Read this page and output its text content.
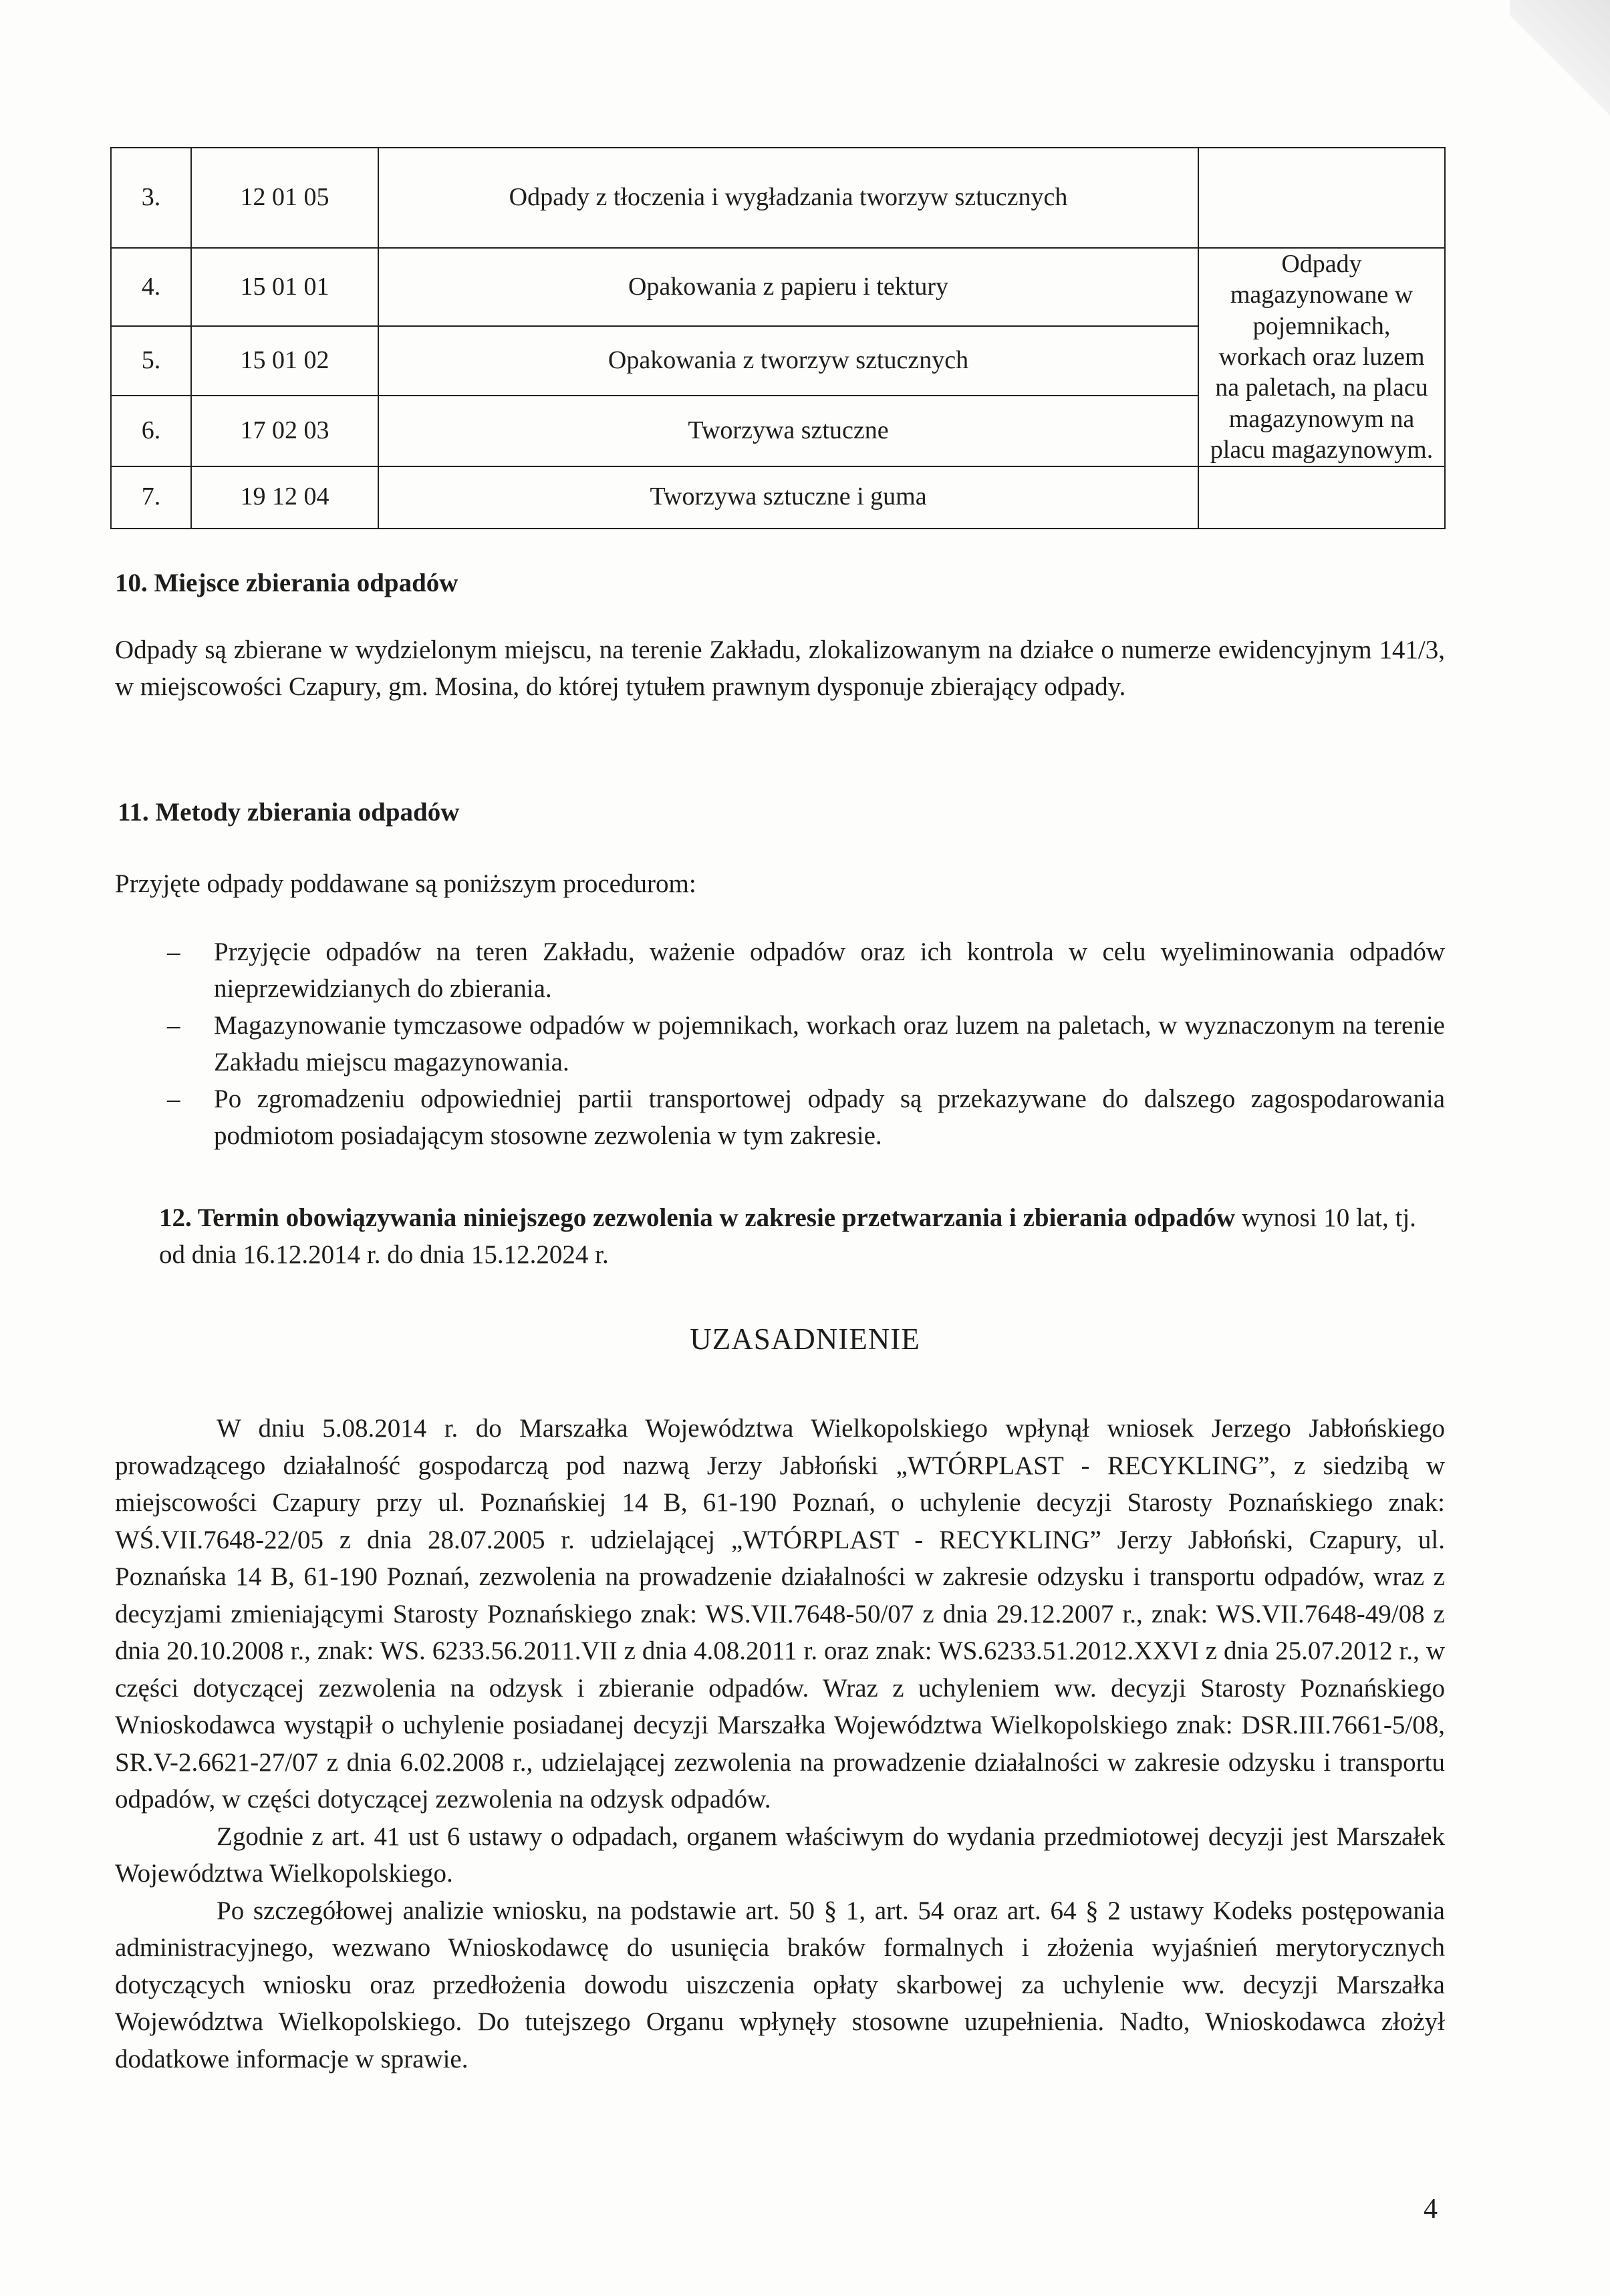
3.	12 01 05	Odpady z tłoczenia i wygładzania tworzyw sztucznych	
4.	15 01 01	Opakowania z papieru i tektury	Odpady magazynowane w pojemnikach, workach oraz luzem na paletach, na placu magazynowym na placu magazynowym.
5.	15 01 02	Opakowania z tworzyw sztucznych	
6.	17 02 03	Tworzywa sztuczne	
7.	19 12 04	Tworzywa sztuczne i guma	
10. Miejsce zbierania odpadów

Odpady są zbierane w wydzielonym miejscu, na terenie Zakładu, zlokalizowanym na działce o numerze ewidencyjnym 141/3, w miejscowości Czapury, gm. Mosina, do której tytułem prawnym dysponuje zbierający odpady.

11. Metody zbierania odpadów

Przyjęte odpady poddawane są poniższym procedurom:

– Przyjęcie odpadów na teren Zakładu, ważenie odpadów oraz ich kontrola w celu wyeliminowania odpadów nieprzewidzianych do zbierania.
– Magazynowanie tymczasowe odpadów w pojemnikach, workach oraz luzem na paletach, w wyznaczonym na terenie Zakładu miejscu magazynowania.
– Po zgromadzeniu odpowiedniej partii transportowej odpady są przekazywane do dalszego zagospodarowania podmiotom posiadającym stosowne zezwolenia w tym zakresie.

12. Termin obowiązywania niniejszego zezwolenia w zakresie przetwarzania i zbierania odpadów wynosi 10 lat, tj. od dnia 16.12.2014 r. do dnia 15.12.2024 r.

UZASADNIENIE

W dniu 5.08.2014 r. do Marszałka Województwa Wielkopolskiego wpłynął wniosek Jerzego Jabłońskiego prowadzącego działalność gospodarczą pod nazwą Jerzy Jabłoński „WTÓRPLAST - RECYKLING”, z siedzibą w miejscowości Czapury przy ul. Poznańskiej 14 B, 61-190 Poznań, o uchylenie decyzji Starosty Poznańskiego znak: WŚ.VII.7648-22/05 z dnia 28.07.2005 r. udzielającej „WTÓRPLAST - RECYKLING” Jerzy Jabłoński, Czapury, ul. Poznańska 14 B, 61-190 Poznań, zezwolenia na prowadzenie działalności w zakresie odzysku i transportu odpadów, wraz z decyzjami zmieniającymi Starosty Poznańskiego znak: WS.VII.7648-50/07 z dnia 29.12.2007 r., znak: WS.VII.7648-49/08 z dnia 20.10.2008 r., znak: WS. 6233.56.2011.VII z dnia 4.08.2011 r. oraz znak: WS.6233.51.2012.XXVI z dnia 25.07.2012 r., w części dotyczącej zezwolenia na odzysk i zbieranie odpadów. Wraz z uchyleniem ww. decyzji Starosty Poznańskiego Wnioskodawca wystąpił o uchylenie posiadanej decyzji Marszałka Województwa Wielkopolskiego znak: DSR.III.7661-5/08, SR.V-2.6621-27/07 z dnia 6.02.2008 r., udzielającej zezwolenia na prowadzenie działalności w zakresie odzysku i transportu odpadów, w części dotyczącej zezwolenia na odzysk odpadów.

Zgodnie z art. 41 ust 6 ustawy o odpadach, organem właściwym do wydania przedmiotowej decyzji jest Marszałek Województwa Wielkopolskiego.

Po szczegółowej analizie wniosku, na podstawie art. 50 § 1, art. 54 oraz art. 64 § 2 ustawy Kodeks postępowania administracyjnego, wezwano Wnioskodawcę do usunięcia braków formalnych i złożenia wyjaśnień merytorycznych dotyczących wniosku oraz przedłożenia dowodu uiszczenia opłaty skarbowej za uchylenie ww. decyzji Marszałka Województwa Wielkopolskiego. Do tutejszego Organu wpłynęły stosowne uzupełnienia. Nadto, Wnioskodawca złożył dodatkowe informacje w sprawie.

4
